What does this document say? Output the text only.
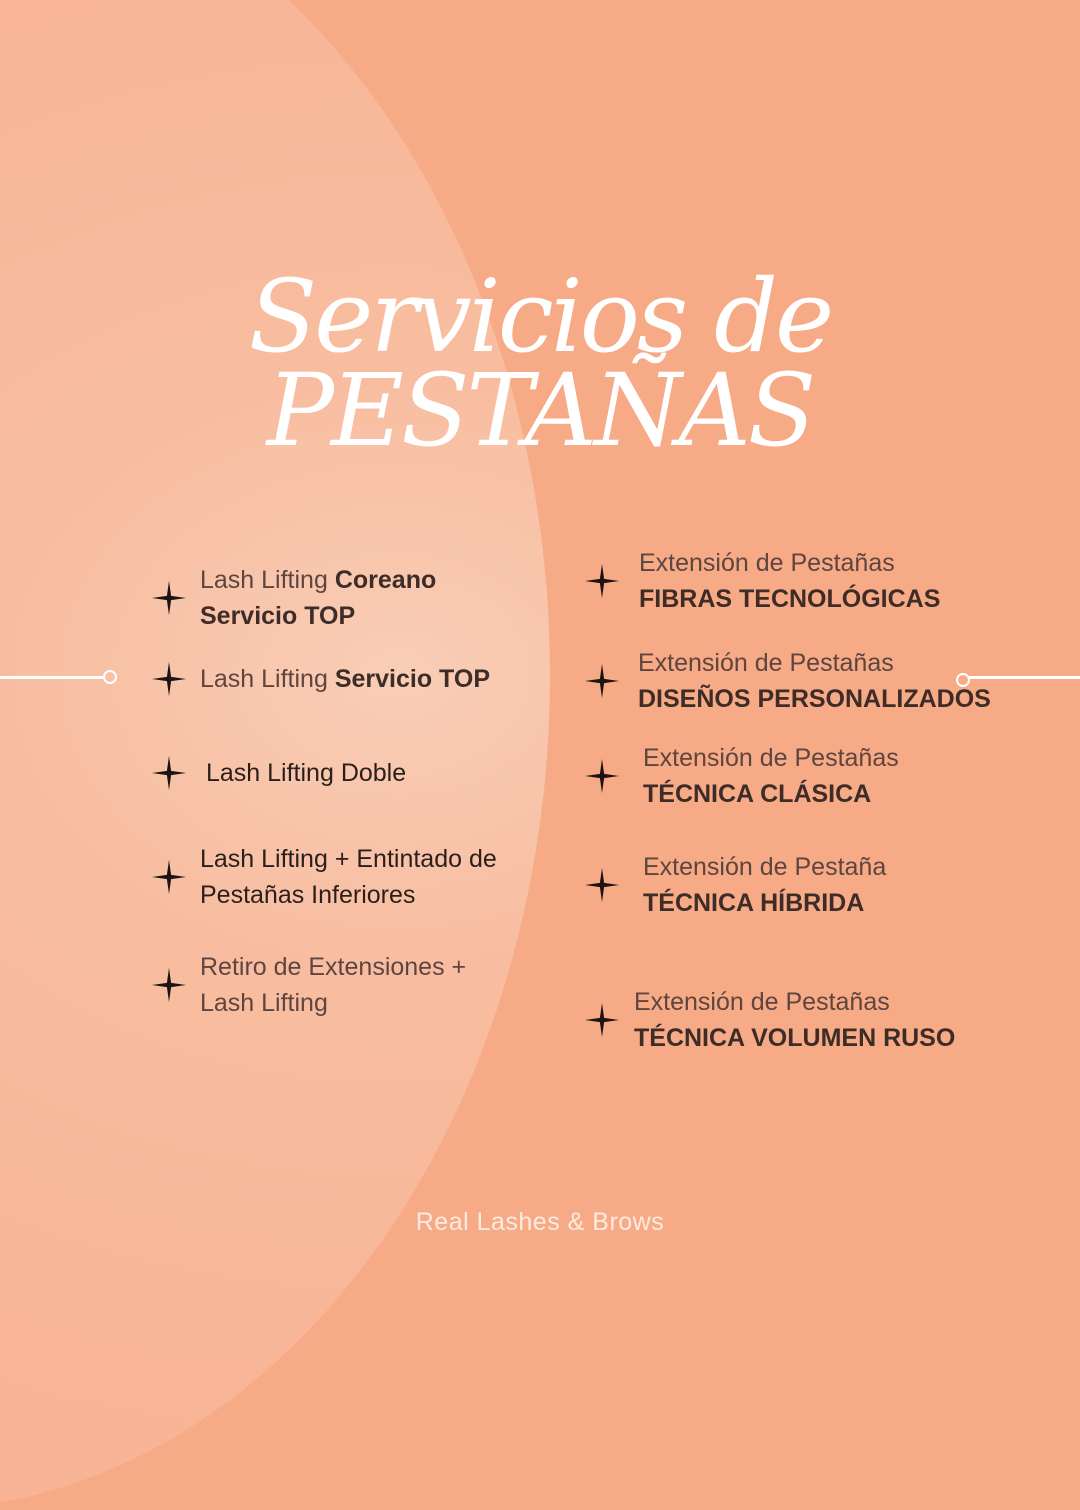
Servicios de
PESTAÑAS
Lash Lifting Coreano Servicio TOP
Lash Lifting Servicio TOP
Lash Lifting Doble
Lash Lifting + Entintado de Pestañas Inferiores
Retiro de Extensiones + Lash Lifting
Extensión de Pestañas
FIBRAS TECNOLÓGICAS
Extensión de Pestañas DISEÑOS PERSONALIZADOS
Extensión de Pestañas
TÉCNICA CLÁSICA
Extensión de Pestaña
TÉCNICA HÍBRIDA
Extensión de Pestañas
TÉCNICA VOLUMEN RUSO
Real Lashes & Brows
